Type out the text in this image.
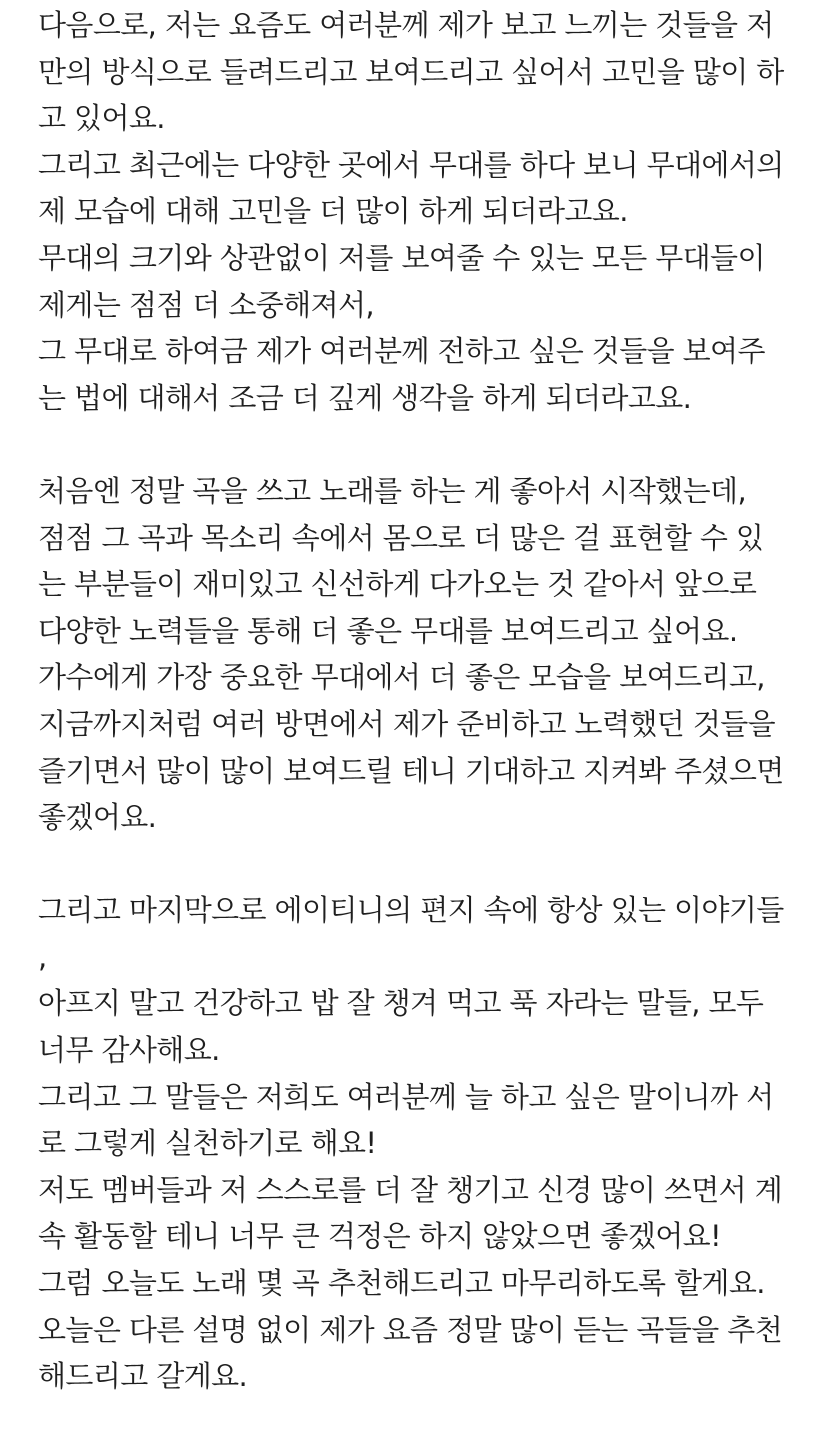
다음으로, 저는 요즘도 여러분께 제가 보고 느끼는 것들을 저
만의 방식으로 들려드리고 보여드리고 싶어서 고민을 많이 하
고 있어요.
그리고 최근에는 다양한 곳에서 무대를 하다 보니 무대에서의
제 모습에 대해 고민을 더 많이 하게 되더라고요.
무대의 크기와 상관없이 저를 보여줄 수 있는 모든 무대들이
제게는 점점 더 소중해져서,
그 무대로 하여금 제가 여러분께 전하고 싶은 것들을 보여주
는 법에 대해서 조금 더 깊게 생각을 하게 되더라고요.
처음엔 정말 곡을 쓰고 노래를 하는 게 좋아서 시작했는데,
점점 그 곡과 목소리 속에서 몸으로 더 많은 걸 표현할 수 있
는 부분들이 재미있고 신선하게 다가오는 것 같아서 앞으로
다양한 노력들을 통해 더 좋은 무대를 보여드리고 싶어요.
가수에게 가장 중요한 무대에서 더 좋은 모습을 보여드리고,
지금까지처럼 여러 방면에서 제가 준비하고 노력했던 것들을
즐기면서 많이 많이 보여드릴 테니 기대하고 지켜봐 주셨으면
좋겠어요.
그리고 마지막으로 에이티니의 편지 속에 항상 있는 이야기들
,
아프지 말고 건강하고 밥 잘 챙겨 먹고 푹 자라는 말들, 모두
너무 감사해요.
그리고 그 말들은 저희도 여러분께 늘 하고 싶은 말이니까 서
로 그렇게 실천하기로 해요!
저도 멤버들과 저 스스로를 더 잘 챙기고 신경 많이 쓰면서 계
속 활동할 테니 너무 큰 걱정은 하지 않았으면 좋겠어요!
그럼 오늘도 노래 몇 곡 추천해드리고 마무리하도록 할게요.
오늘은 다른 설명 없이 제가 요즘 정말 많이 듣는 곡들을 추천
해드리고 갈게요.
